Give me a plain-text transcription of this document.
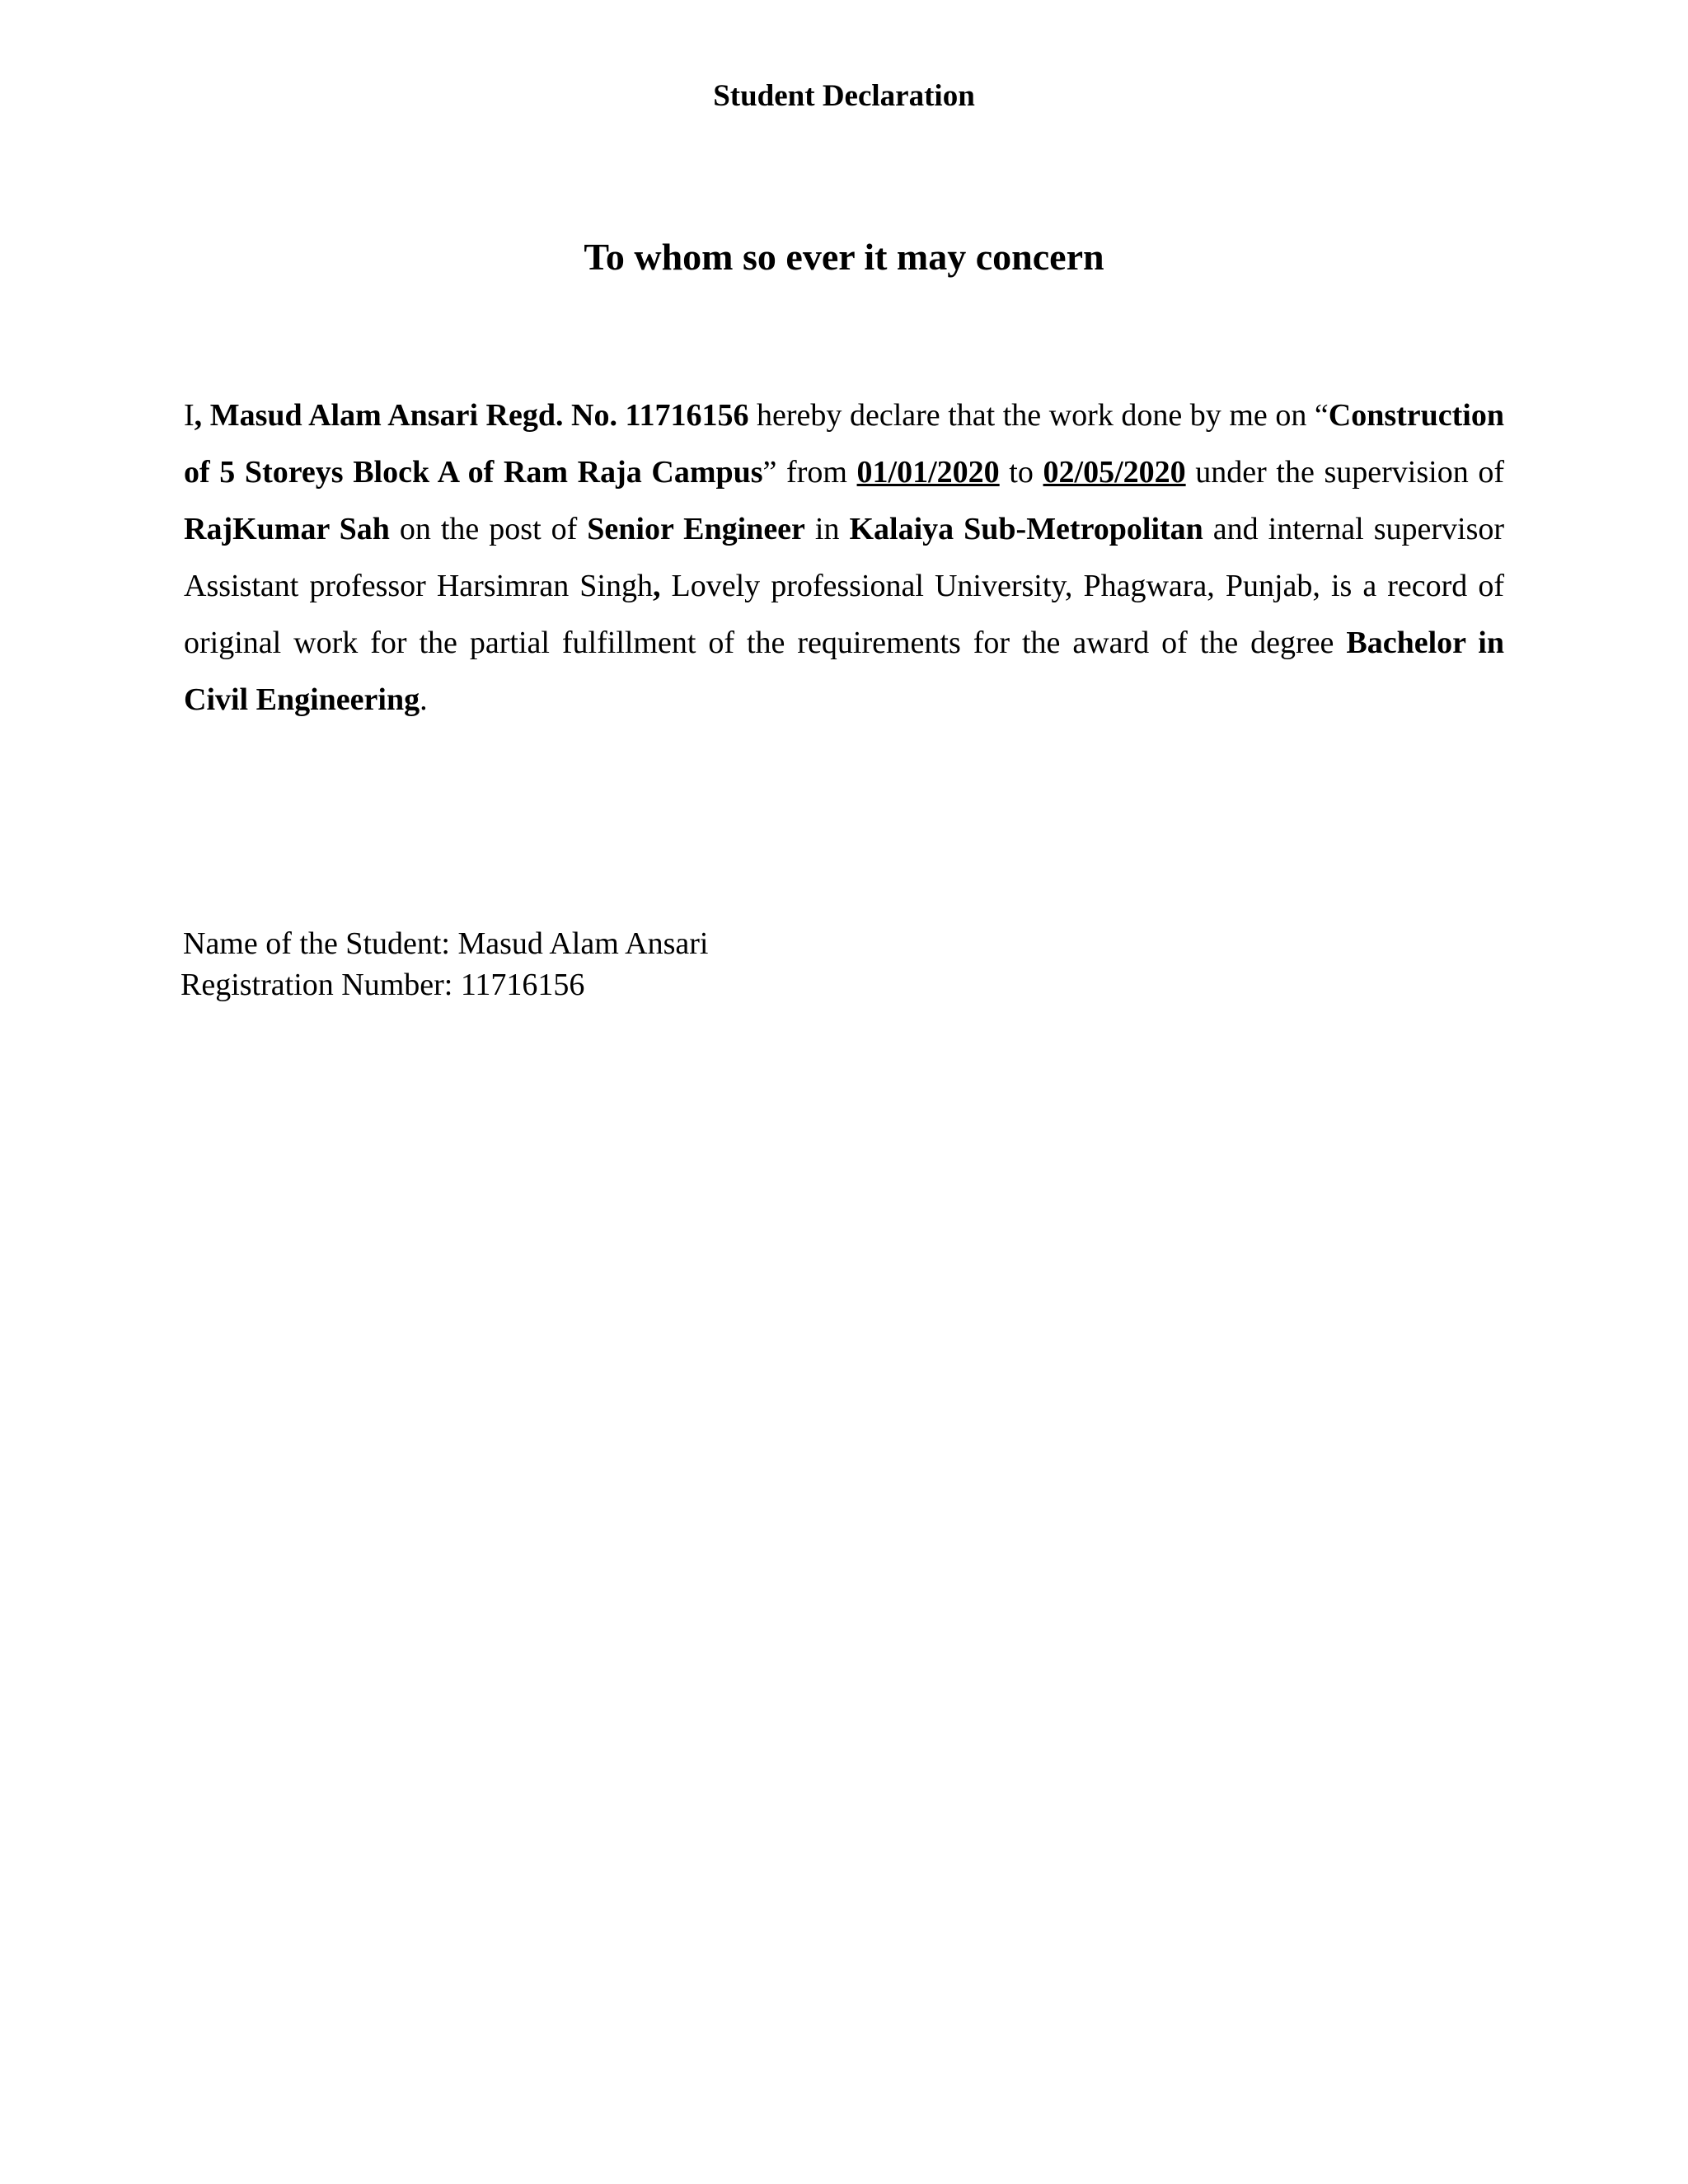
Student Declaration
To whom so ever it may concern

I, Masud Alam Ansari Regd. No. 11716156 hereby declare that the work done by me on “Construction of 5 Storeys Block A of Ram Raja Campus” from 01/01/2020 to 02/05/2020 under the supervision of RajKumar Sah on the post of Senior Engineer in Kalaiya Sub-Metropolitan and internal supervisor Assistant professor Harsimran Singh, Lovely professional University, Phagwara, Punjab, is a record of original work for the partial fulfillment of the requirements for the award of the degree Bachelor in Civil Engineering.

Name of the Student: Masud Alam Ansari
Registration Number: 11716156
